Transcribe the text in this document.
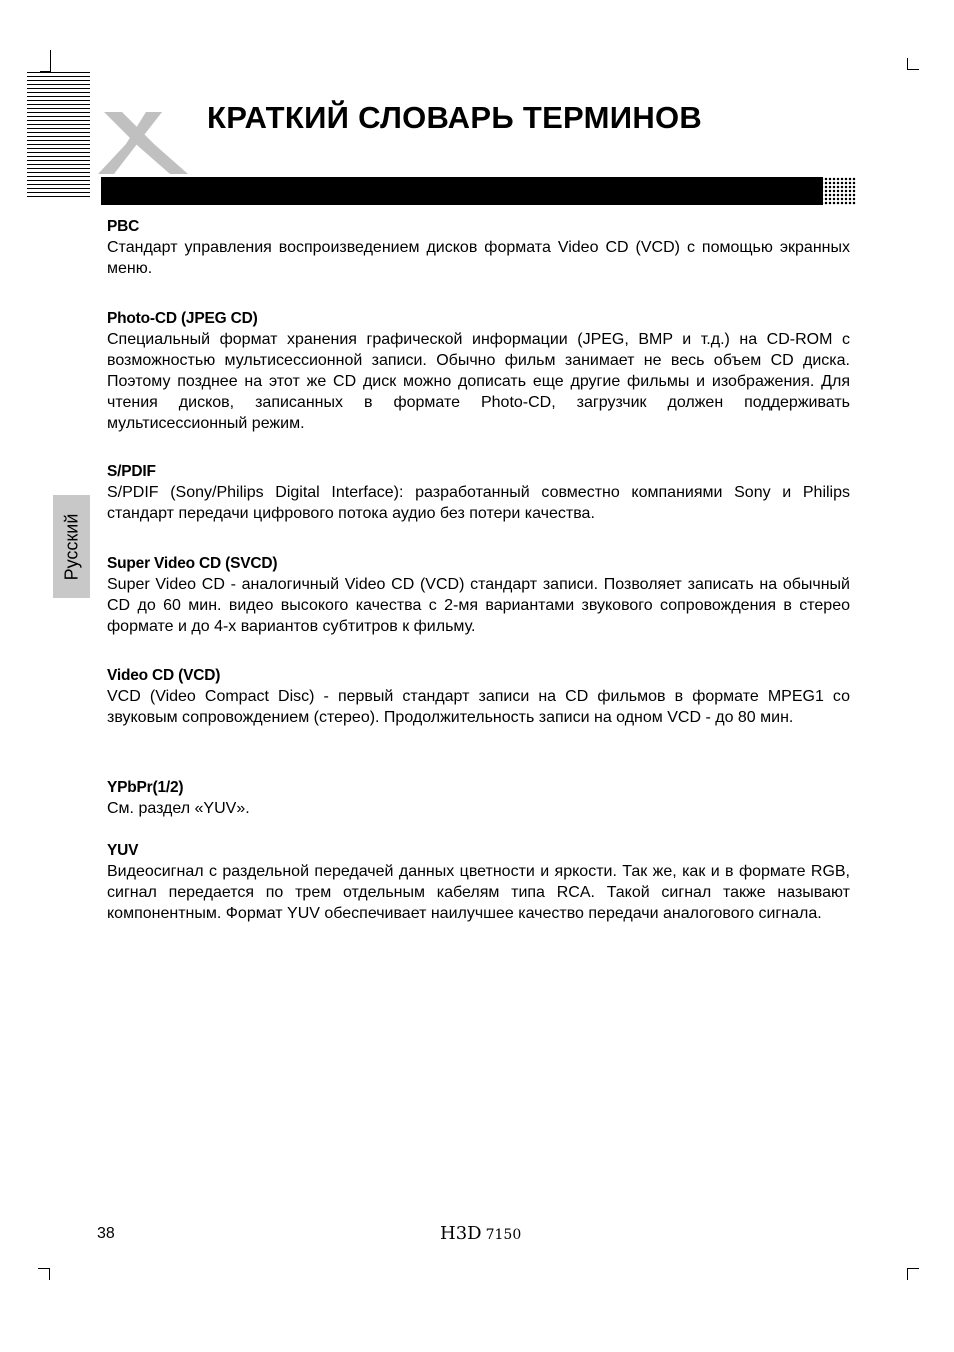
КРАТКИЙ СЛОВАРЬ ТЕРМИНОВ
Русский

PBC

Стандарт управления воспроизведением дисков формата Video CD (VCD) с помощью экранных меню.

Photo-CD (JPEG CD)

Специальный формат хранения графической информации (JPEG, BMP и т.д.) на CD-ROM с возможностью мультисессионной записи. Обычно фильм занимает не весь объем CD диска. Поэтому позднее на этот же CD диск можно дописать еще другие фильмы и изображения. Для чтения дисков, записанных в формате Photo-CD, загрузчик должен поддерживать мультисессионный режим.

S/PDIF

S/PDIF (Sony/Philips Digital Interface): разработанный совместно компаниями Sony и Philips стандарт передачи цифрового потока аудио без потери качества.

Super Video CD (SVCD)

Super Video CD - аналогичный Video CD (VCD) стандарт записи. Позволяет записать на обычный CD до 60 мин. видео высокого качества с 2-мя вариантами звукового сопровождения в стерео формате и до 4-х вариантов субтитров к фильму.

Video CD (VCD)

VCD (Video Compact Disc) - первый стандарт записи на CD фильмов в формате MPEG1 со звуковым сопровождением (стерео). Продолжительность записи на одном VCD - до 80 мин.

YPbPr(1/2)

См. раздел «YUV».

YUV

Видеосигнал с раздельной передачей данных цветности и яркости. Так же, как и в формате RGB, сигнал передается по трем отдельным кабелям типа RCA. Такой сигнал также называют компонентным. Формат YUV обеспечивает наилучшее качество передачи аналогового сигнала.

38	H3D 7150
